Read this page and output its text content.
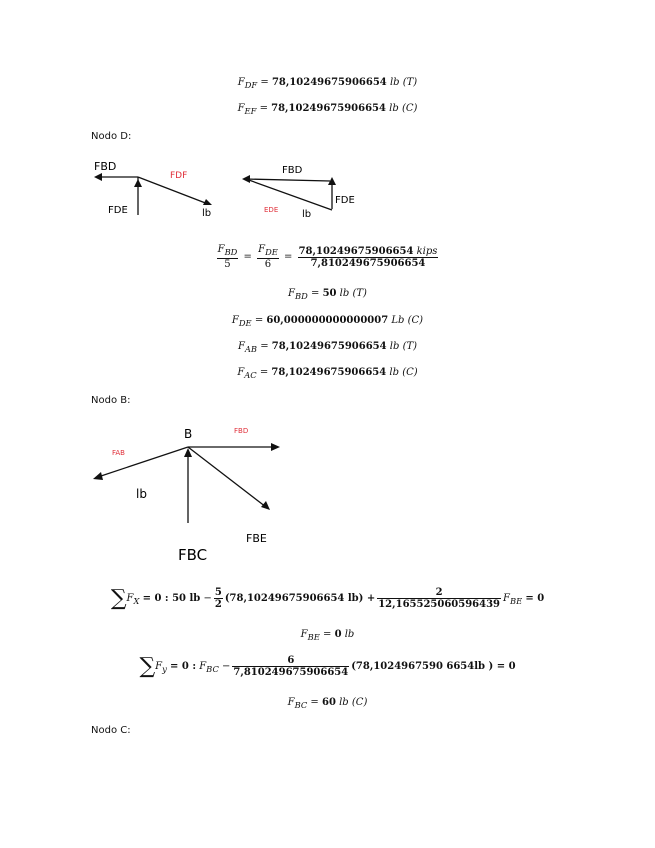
$F_{DF} = 78,10249675906654$ lb (T)
$F_{EF} = 78,10249675906654$ lb (C)
Nodo D:
FBD
FDF
FDE	lb
FBD
FDE
EDE lb
$\frac{F_{BD}}{5} = \frac{F_{DE}}{6} = \frac{\text{78,10249675906654 kips}}{7,810249675906654}$
$F_{BD} = 50$ lb (T)
$F_{DE} = 60,000000000000007$ Lb (C)
$F_{AB} = 78,10249675906654$ lb (T)
$F_{AC} = 78,10249675906654$ lb (C)
Nodo B:
B
FAB
FBD
lb
FBC
FBE
$\sum F_X = 0$ : 50 lb − $\frac{5}{2} (78,10249675906654$ $lb) + \frac{2}{12,165525060596439} F_{BE} = 0$
$F_{BE} = 0$ lb
$\sum F_y = 0$ : $F_{BC} - \frac{6}{7,810249675906654} (78,1024967590$ 6654lb ) = 0
$F_{BC} = 60$ lb (C)
Nodo C:
